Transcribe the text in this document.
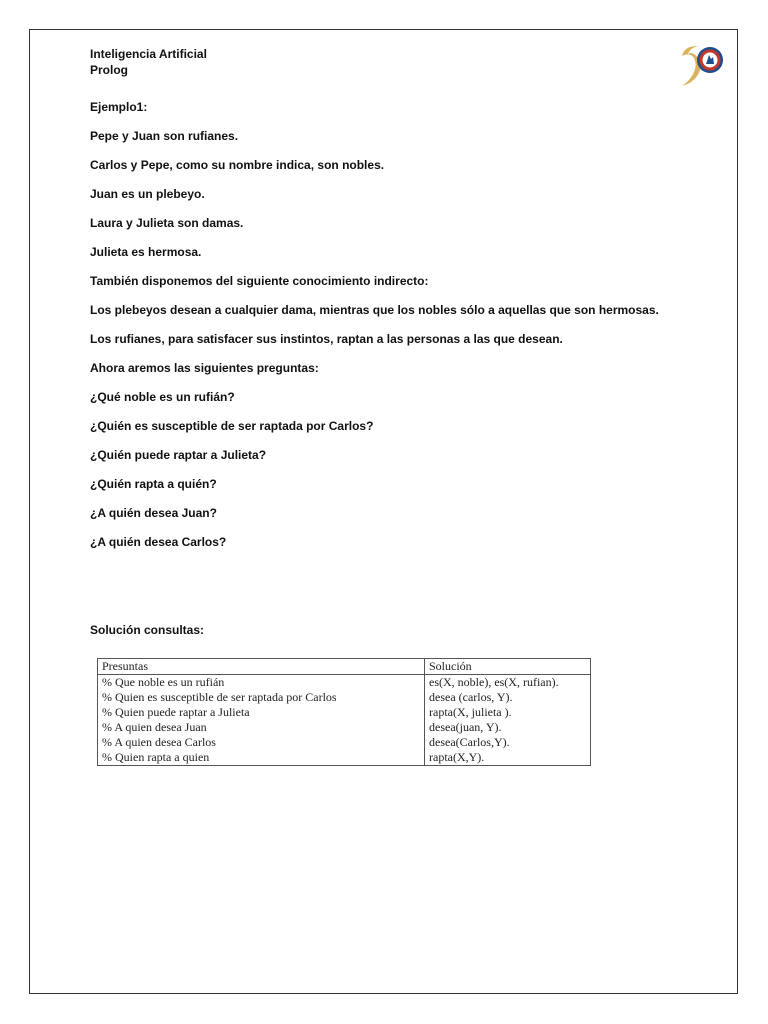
Inteligencia Artificial
Prolog
Ejemplo1:
Pepe y Juan son rufianes.
Carlos y Pepe, como su nombre indica, son nobles.
Juan es un plebeyo.
Laura y Julieta son damas.
Julieta es hermosa.
También disponemos del siguiente conocimiento indirecto:
Los plebeyos desean a cualquier dama, mientras que los nobles sólo a aquellas que son hermosas.
Los rufianes, para satisfacer sus instintos, raptan a las personas a las que desean.
Ahora aremos las siguientes preguntas:
¿Qué noble es un rufián?
¿Quién es susceptible de ser raptada por Carlos?
¿Quién puede raptar a Julieta?
¿Quién rapta a quién?
¿A quién desea Juan?
¿A quién desea Carlos?
Solución consultas:
Presuntas	Solución
% Que noble es un rufián	es(X, noble), es(X, rufian).
% Quien es susceptible de ser raptada por Carlos	desea (carlos, Y).
% Quien puede raptar a Julieta	rapta(X, julieta ).
% A quien desea Juan	desea(juan, Y).
% A quien desea Carlos	desea(Carlos,Y).
% Quien rapta a quien	rapta(X,Y).
